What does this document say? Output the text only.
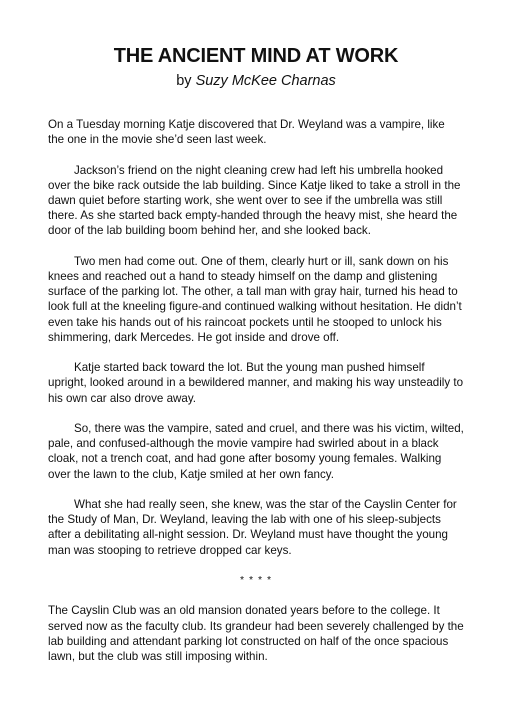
THE ANCIENT MIND AT WORK

by Suzy McKee Charnas

On a Tuesday morning Katje discovered that Dr. Weyland was a vampire, like the one in the movie she’d seen last week.

Jackson’s friend on the night cleaning crew had left his umbrella hooked over the bike rack outside the lab building. Since Katje liked to take a stroll in the dawn quiet before starting work, she went over to see if the umbrella was still there. As she started back empty-handed through the heavy mist, she heard the door of the lab building boom behind her, and she looked back.

Two men had come out. One of them, clearly hurt or ill, sank down on his knees and reached out a hand to steady himself on the damp and glistening surface of the parking lot. The other, a tall man with gray hair, turned his head to look full at the kneeling figure-and continued walking without hesitation. He didn’t even take his hands out of his raincoat pockets until he stooped to unlock his shimmering, dark Mercedes. He got inside and drove off.

Katje started back toward the lot. But the young man pushed himself upright, looked around in a bewildered manner, and making his way unsteadily to his own car also drove away.

So, there was the vampire, sated and cruel, and there was his victim, wilted, pale, and confused-although the movie vampire had swirled about in a black cloak, not a trench coat, and had gone after bosomy young females. Walking over the lawn to the club, Katje smiled at her own fancy.

What she had really seen, she knew, was the star of the Cayslin Center for the Study of Man, Dr. Weyland, leaving the lab with one of his sleep-subjects after a debilitating all-night session. Dr. Weyland must have thought the young man was stooping to retrieve dropped car keys.

* * * *

The Cayslin Club was an old mansion donated years before to the college. It served now as the faculty club. Its grandeur had been severely challenged by the lab building and attendant parking lot constructed on half of the once spacious lawn, but the club was still imposing within.
